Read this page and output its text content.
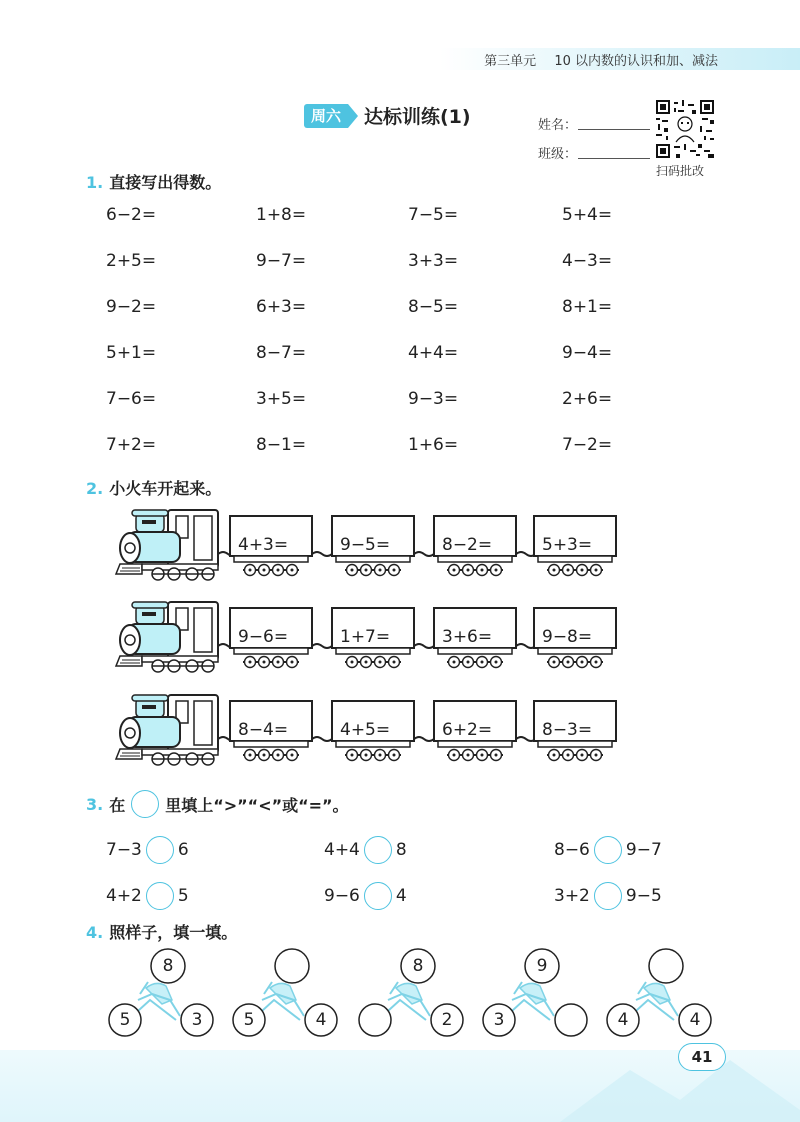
第三单元 10 以内数的认识和加、减法
周六	达标训练(1)	姓名：
班级：
扫码批改
1. 直接写出得数。
6−2=	1+8=	7−5=	5+4=
2+5=	9−7=	3+3=	4−3=
9−2=	6+3=	8−5=	8+1=
5+1=	8−7=	4+4=	9−4=
7−6=	3+5=	9−3=	2+6=
7+2=	8−1=	1+6=	7−2=
2. 小火车开起来。
4+3=	9−5=	8−2=	5+3=
9−6=	1+7=	3+6=	9−8=
8−4=	4+5=	6+2=	8−3=
3. 在	里填上“>”“<”或“=”。
7−3 6	4+4 8	8−6 9−7
4+2 5	9−6 4	3+2 9−5
4. 照样子，填一填。
8
5	3	5	4
8
2
9
3	4	4
41
